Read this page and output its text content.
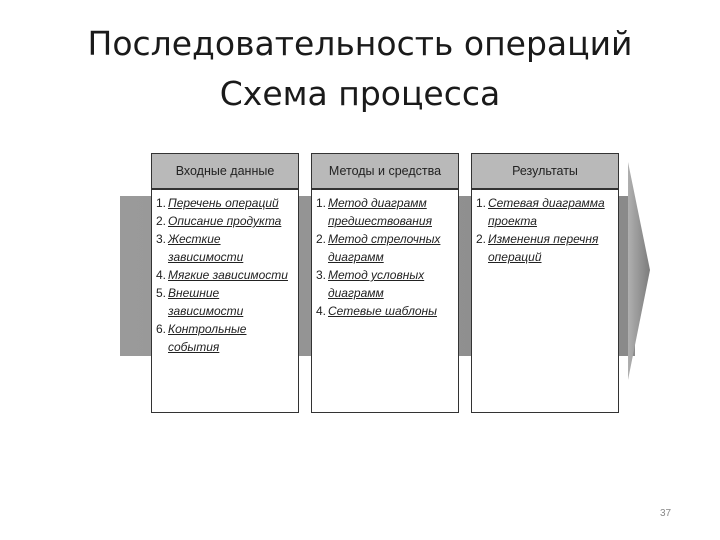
Последовательность операций
Схема процесса
Входные данные
1. Перечень операций
2. Описание продукта
3. Жесткие зависимости
4. Мягкие зависимости
5. Внешние зависимости
6. Контрольные события
Методы и средства
1. Метод диаграмм предшествования
2. Метод стрелочных диаграмм
3. Метод условных диаграмм
4. Сетевые шаблоны
Результаты
1. Сетевая диаграмма проекта
2. Изменения перечня операций
37
